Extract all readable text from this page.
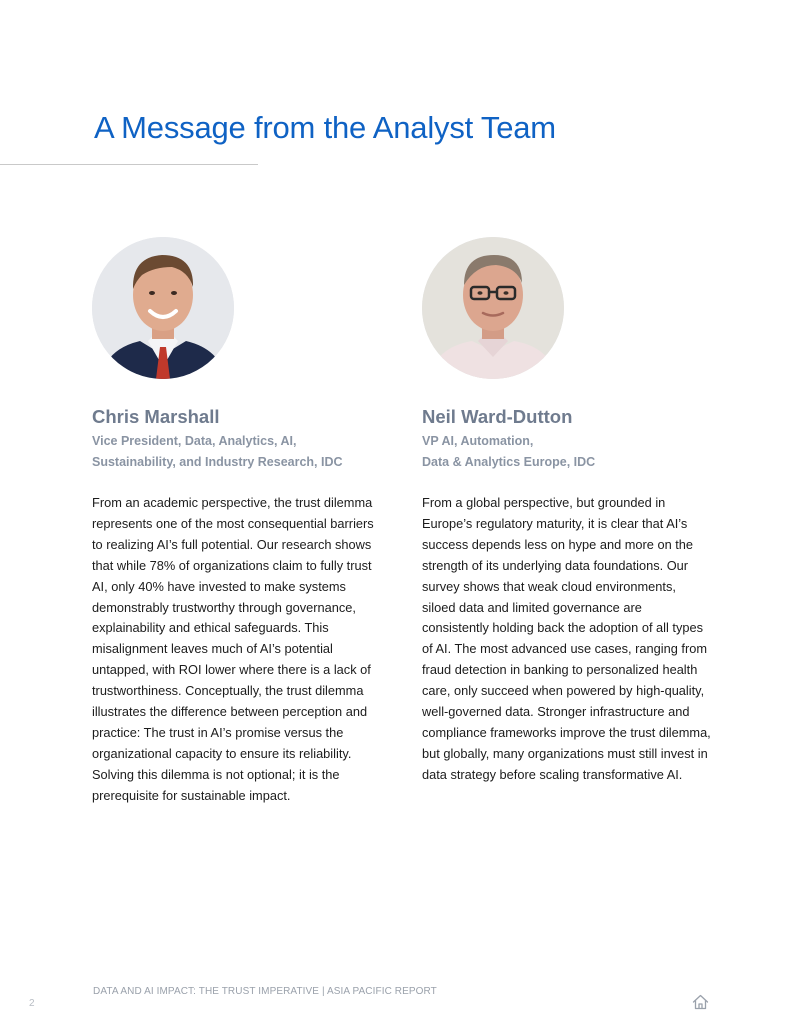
A Message from the Analyst Team

Chris Marshall

Vice President, Data, Analytics, AI,

Sustainability, and Industry Research, IDC

From an academic perspective, the trust dilemma represents one of the most consequential barriers to realizing AI’s full potential. Our research shows that while 78% of organizations claim to fully trust AI, only 40% have invested to make systems demonstrably trustworthy through governance, explainability and ethical safeguards. This misalignment leaves much of AI’s potential untapped, with ROI lower where there is a lack of trustworthiness. Conceptually, the trust dilemma illustrates the difference between perception and practice: The trust in AI’s promise versus the organizational capacity to ensure its reliability. Solving this dilemma is not optional; it is the prerequisite for sustainable impact.

Neil Ward-Dutton

VP AI, Automation,

Data & Analytics Europe, IDC

From a global perspective, but grounded in Europe’s regulatory maturity, it is clear that AI’s success depends less on hype and more on the strength of its underlying data foundations. Our survey shows that weak cloud environments, siloed data and limited governance are consistently holding back the adoption of all types of AI. The most advanced use cases, ranging from fraud detection in banking to personalized health care, only succeed when powered by high-quality, well-governed data. Stronger infrastructure and compliance frameworks improve the trust dilemma, but globally, many organizations must still invest in data strategy before scaling transformative AI.

DATA AND AI IMPACT: THE TRUST IMPERATIVE | ASIA PACIFIC REPORT
2
